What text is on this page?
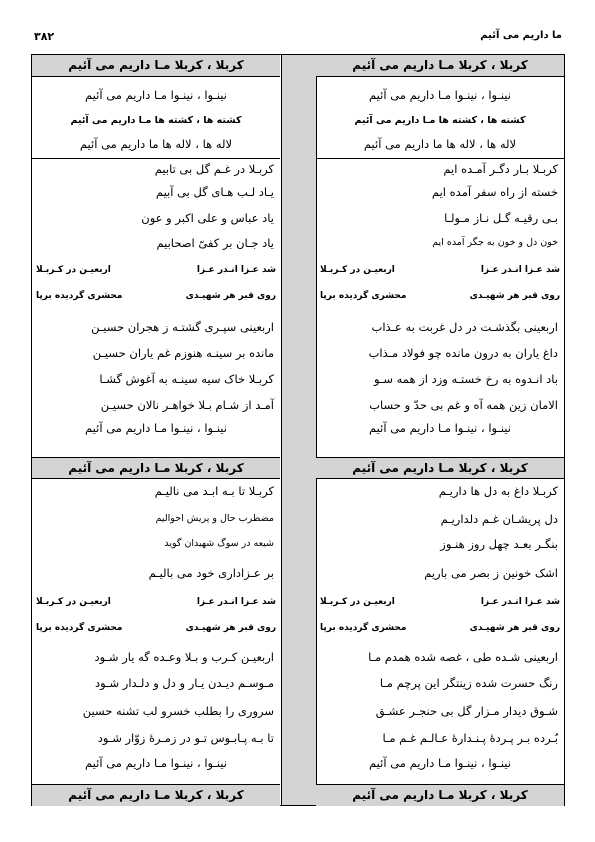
۳۸۲	ما داریم می آئیم
کربلا ، کربلا مـا داریم می آئیم
نینـوا ، نینـوا مـا داریم می آئیم
کشته ها ، کشته ها مـا داریم می آئیم
لاله ها ، لاله ها ما داریم می آئیم
کربـلا بـار دگـر آمـده ایم
خسته از راه سفر آمده ایم
بـی رقیـه گـل نـاز مـولـا
خون دل و خون به جگر آمده ایم
شد عـزا انـدر عـزا
اربعیـن در کـربـلا
روی قبر هر شهیـدی
محشری گردیده برپا
اربعینی بگذشـت در دل غربت به عـذاب
داغ یاران به درون مانده چو فولاد مـذاب
باد انـدوه به رخ خستـه وزد از همه سـو
الامان زین همه آه و غم بی حدّ و حساب
نینـوا ، نینـوا مـا داریم می آئیم
کربلا ، کربلا مـا داریم می آئیم
کربـلا داغ به دل ها داریـم
دل پریشـان غـم دلداریـم
بنگـر بعـد چهل روز هنـوز
اشک خونین ز بصر می باریم
شد عـزا انـدر عـزا
اربعیـن در کـربـلا
روی قبر هر شهیـدی
محشری گردیده برپا
اربعینی شـده طی ، غصه شده همدم مـا
رنگ حسرت شده زینتگر این پرچم مـا
شـوق دیدار مـزار گل بی حنجـر عشـق
بُـرده بـر پـردهٔ پـنـدارهٔ عـالـم غـم مـا
نینـوا ، نینـوا مـا داریم می آئیم
کربلا ، کربلا مـا داریم می آئیم
کربلا ، کربلا مـا داریم می آئیم
نینـوا ، نینـوا مـا داریم می آئیم
کشته ها ، کشته ها مـا داریم می آئیم
لاله ها ، لاله ها ما داریم می آئیم
کربـلا در غـم گل بی تابیم
یـاد لـب هـای گل بی آبیم
یاد عباس و علی اکبر و عون
یاد جـان بر کفیّ اصحابیم
شد عـزا انـدر عـزا
اربعیـن در کـربـلا
روی قبر هر شهیـدی
محشری گردیده برپا
اربعینی سپـری گشتـه ز هجران حسیـن
مانده بر سینـه هنوزم غم یاران حسیـن
کربـلا خاک سیه سینـه به آغوش گشـا
آمـد از شـام بـلا خواهـر نالان حسیـن
نینـوا ، نینـوا مـا داریم می آئیم
کربلا ، کربلا مـا داریم می آئیم
کربـلا تا بـه ابـد می نالیـم
مضطرب حال و پریش احوالیم
شیعه در سوگ شهیدان گوید
بر عـزاداری خود می بالیـم
شد عـزا انـدر عـزا
اربعیـن در کـربـلا
روی قبر هر شهیـدی
محشری گردیده برپا
اربعیـن کـرب و بـلا وعـده گه یار شـود
مـوسـم دیـدن یـار و دل و دلـدار شـود
سروری را بطلب خسرو لب تشنه حسین
تا بـه پـابـوس تـو در زمـرهٔ زوّار شـود
نینـوا ، نینـوا مـا داریم می آئیم
کربلا ، کربلا مـا داریم می آئیم
